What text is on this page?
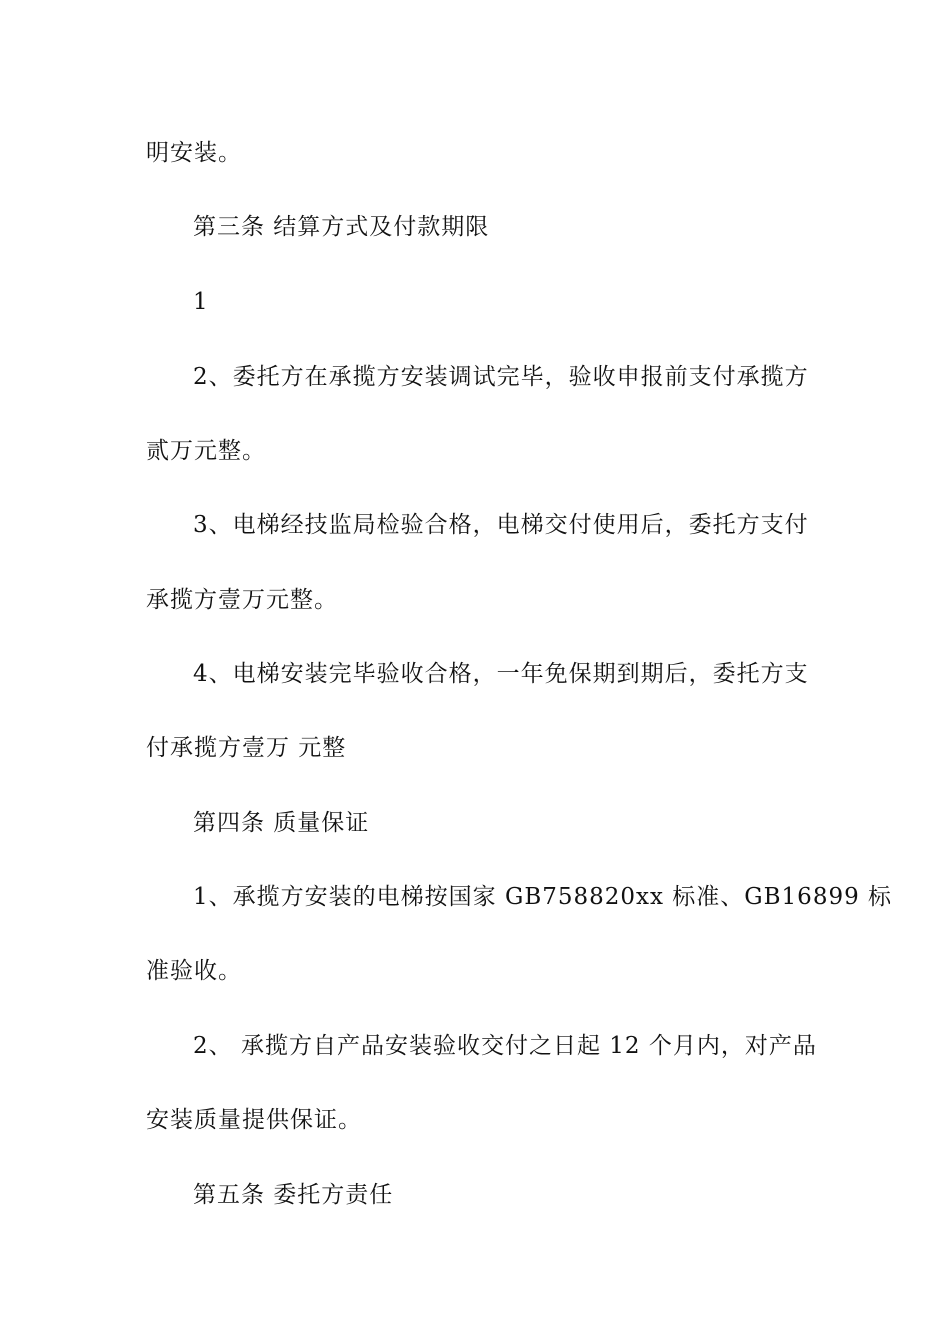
明安装。
第三条 结算方式及付款期限
1
2、委托方在承揽方安装调试完毕，验收申报前支付承揽方
贰万元整。
3、电梯经技监局检验合格，电梯交付使用后，委托方支付
承揽方壹万元整。
4、电梯安装完毕验收合格，一年免保期到期后，委托方支
付承揽方壹万 元整
第四条 质量保证
1、承揽方安装的电梯按国家 GB758820xx 标准、GB16899 标
准验收。
2、 承揽方自产品安装验收交付之日起 12 个月内，对产品
安装质量提供保证。
第五条 委托方责任
